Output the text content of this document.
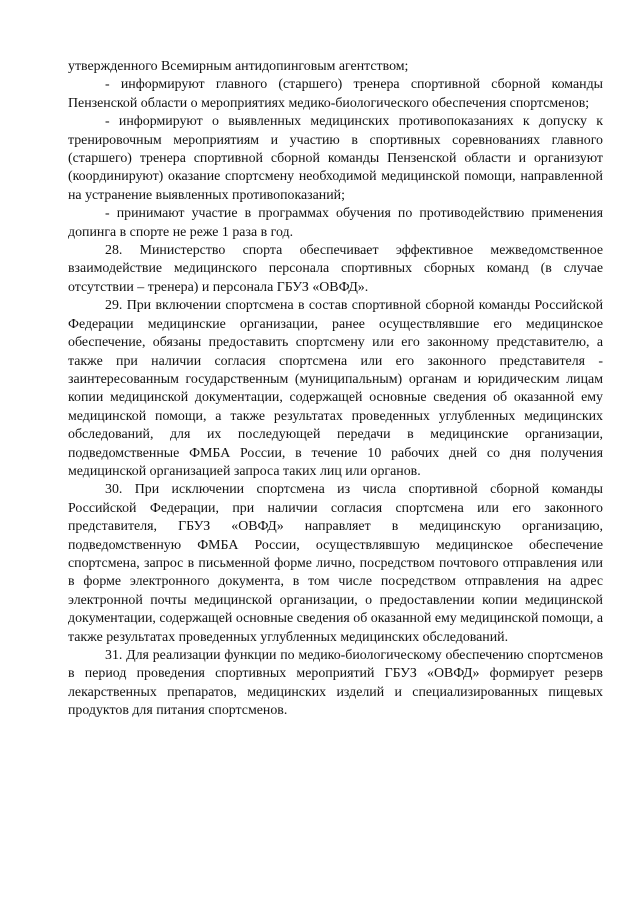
утвержденного Всемирным антидопинговым агентством;

- информируют главного (старшего) тренера спортивной сборной команды Пензенской области о мероприятиях медико-биологического обеспечения спортсменов;

- информируют о выявленных медицинских противопоказаниях к допуску к тренировочным мероприятиям и участию в спортивных соревнованиях главного (старшего) тренера спортивной сборной команды Пензенской области и организуют (координируют) оказание спортсмену необходимой медицинской помощи, направленной на устранение выявленных противопоказаний;

- принимают участие в программах обучения по противодействию применения допинга в спорте не реже 1 раза в год.

28. Министерство спорта обеспечивает эффективное межведомственное взаимодействие медицинского персонала спортивных сборных команд (в случае отсутствии – тренера) и персонала ГБУЗ «ОВФД».

29. При включении спортсмена в состав спортивной сборной команды Российской Федерации медицинские организации, ранее осуществлявшие его медицинское обеспечение, обязаны предоставить спортсмену или его законному представителю, а также при наличии согласия спортсмена или его законного представителя - заинтересованным государственным (муниципальным) органам и юридическим лицам копии медицинской документации, содержащей основные сведения об оказанной ему медицинской помощи, а также результатах проведенных углубленных медицинских обследований, для их последующей передачи в медицинские организации, подведомственные ФМБА России, в течение 10 рабочих дней со дня получения медицинской организацией запроса таких лиц или органов.

30. При исключении спортсмена из числа спортивной сборной команды Российской Федерации, при наличии согласия спортсмена или его законного представителя, ГБУЗ «ОВФД» направляет в медицинскую организацию, подведомственную ФМБА России, осуществлявшую медицинское обеспечение спортсмена, запрос в письменной форме лично, посредством почтового отправления или в форме электронного документа, в том числе посредством отправления на адрес электронной почты медицинской организации, о предоставлении копии медицинской документации, содержащей основные сведения об оказанной ему медицинской помощи, а также результатах проведенных углубленных медицинских обследований.

31. Для реализации функции по медико-биологическому обеспечению спортсменов в период проведения спортивных мероприятий ГБУЗ «ОВФД» формирует резерв лекарственных препаратов, медицинских изделий и специализированных пищевых продуктов для питания спортсменов.
